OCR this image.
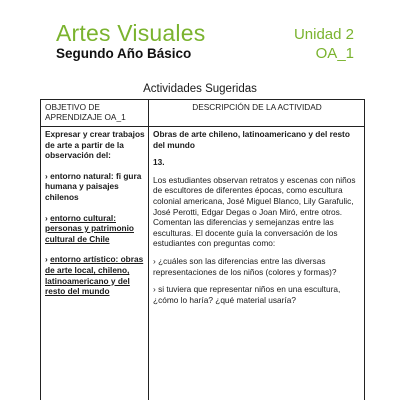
Artes Visuales
Segundo Año Básico
Unidad 2
OA_1
Actividades Sugeridas
OBJETIVO DE APRENDIZAJE OA_1
DESCRIPCIÓN DE LA ACTIVIDAD

Expresar y crear trabajos de arte a partir de la observación del:

› entorno natural: fi gura humana y paisajes chilenos

› entorno cultural: personas y patrimonio cultural de Chile

› entorno artístico: obras de arte local, chileno, latinoamericano y del resto del mundo

Obras de arte chileno, latinoamericano y del resto del mundo

13.

Los estudiantes observan retratos y escenas con niños de escultores de diferentes épocas, como escultura colonial americana, José Miguel Blanco, Lily Garafulic, José Perotti, Edgar Degas o Joan Miró, entre otros. Comentan las diferencias y semejanzas entre las esculturas. El docente guía la conversación de los estudiantes con preguntas como:

› ¿cuáles son las diferencias entre las diversas representaciones de los niños (colores y formas)?

› si tuviera que representar niños en una escultura, ¿cómo lo haría? ¿qué material usaría?
